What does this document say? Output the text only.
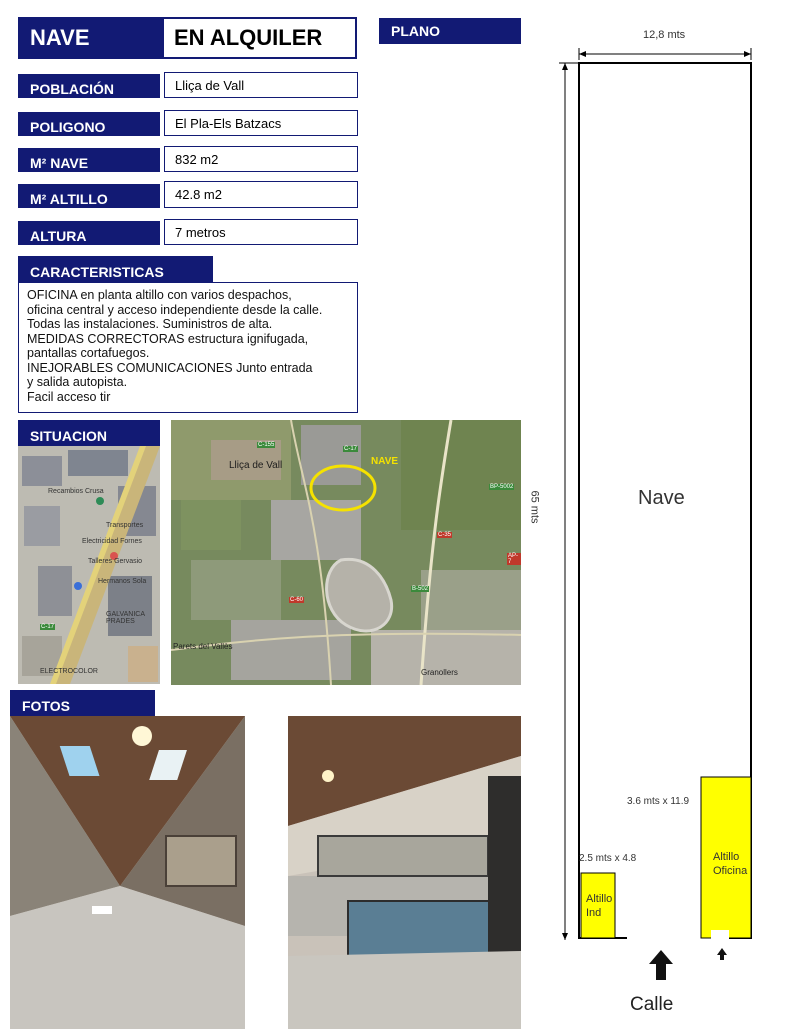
NAVE	EN ALQUILER
POBLACIÓN	Lliça de Vall
POLIGONO	El Pla-Els Batzacs
M² NAVE	832 m2
M² ALTILLO	42.8 m2
ALTURA	7 metros
CARACTERISTICAS
OFICINA en planta altillo con varios despachos,
oficina central y acceso independiente desde la calle.
Todas las instalaciones. Suministros de alta.
MEDIDAS CORRECTORAS estructura ignifugada,
pantallas cortafuegos.
INEJORABLES COMUNICACIONES Junto entrada
y salida autopista.
Facil acceso tir
SITUACION
Recambios Crusa
Transportes
Electricidad Fornes
Talleres Gervasio
Hermanos Sola
GALVANICA PRADES
ELECTROCOLOR
C-17
Lliça de Vall	NAVE
C-17
C-155
BP-5002
AP-7
C-35
B-502
C-60
Parets del Vallès
Granollers
FOTOS
PLANO	12,8 mts
65 mts	Nave
3.6 mts x 11.9
Altillo
Oficina
2.5 mts x 4.8
Altillo
Ind
Calle
